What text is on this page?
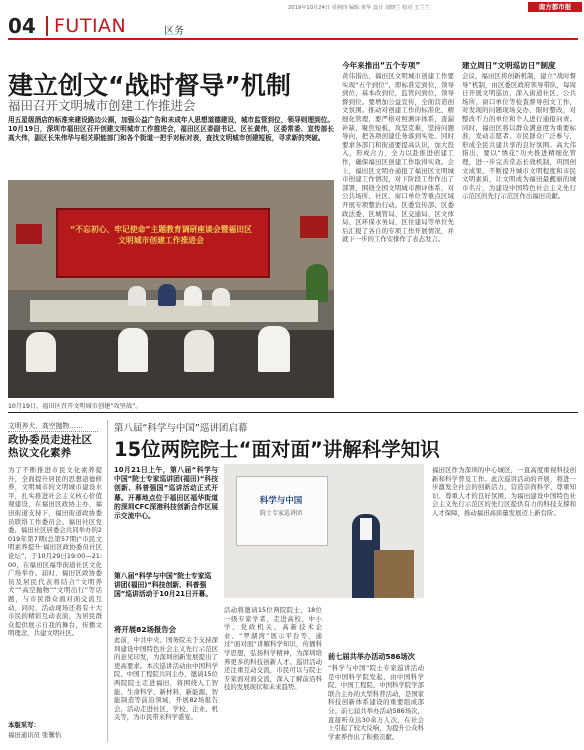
2019年10月24日 星期四 编辑 黄华 设计 刘晓兰 校对 王兰兰	南方都市报
04 FUTIAN	区务
建立创文“战时督导”机制
福田召开文明城市创建工作推进会
用五星级酒店的标准来建设路边公厕，加强公益广告和未成年人思想道德建设，城市监管到位，领导则理到位。10月19日，深圳市福田区召开创建文明城市工作推进会，福田区区委副书记、区长黄伟，区委常委、宣传部长高大伟，副区长朱伟华与相关职能部门和各个街道一把手对标对表，查找文明城市创建短板，寻求新的突破。
“不忘初心、牢记使命”主题教育调研座谈会暨福田区文明城市创建工作推进会
10月19日，福田区召开文明城市创建“攻坚战”。
今年来推出“五个专项”
黄伟指出，福田区文明城市创建工作要实现“五个到位”，即标准定到位，领导到位，基本改到位，监管问到位，领导督到位。要增加公益宣传，全面营造创文氛围。推动对创建工作的标准化、精细化管理，要严格对照测评体系，查漏补缺，聚焦短板，攻坚克难，坚持问题导向，把各项创建任务落到实处。同时要求各部门和街道要提高认识，加大投入，形成合力，全力以赴推进创建工作，确保福田区创建工作取得实效。会上，福田区文明办通报了福田区文明城市创建工作情况，对下阶段工作作出了部署，围绕全国文明城市测评体系，对公共场所、社区、窗口单位等重点区域开展专项整治行动。区委宣传部、区委政法委、区城管局、区交通局、区文体局、区环保水务局、区住建局等单位先后汇报了各自的专项工作开展情况，并就下一步的工作安排作了表态发言。
建立周日“文明巡访日”制度
会议，福田区将创新机制，建立“战时督导”机制，由区委区政府领导带队，每周日开展文明巡访，深入街道社区、公共场所、窗口单位等检查督导创文工作，对发现的问题现场交办、限时整改，对整改不力的单位和个人进行通报问责。同时，福田区将以群众满意度为重要标准，发动志愿者、市民群众广泛参与，形成全民共建共享的良好氛围。高大伟指出，要以“绣花”功夫推进精细化管理，进一步完善常态长效机制，巩固创文成果，不断提升城市文明程度和市民文明素质，让文明成为福田最靓丽的城市名片，为建设中国特色社会主义先行示范区的先行示范区作出福田贡献。
文明养犬、高空抛物……
政协委员走进社区热议文化素养
为了不断推进市民文化素养提升，全面提升居民的思想道德修养，文明城市的文明城市建设水平，扎实推进社会主义核心价值观建设，在福田区政协主办，福田街道支持下，福田街道政协委员联络工作委员会、福田社区党委、福田社区居委会共同举办的2019年第7期(总第57期)“市民文明素养提升·福田区政协委员社区论坛”，于10月29日19:00—21:00，在福田区福华街道社区文化广场举办。届时，福田区政协委员及居民代表将结合“文明养犬”“高空抛物”“文明出行”等话题，与市民群众面对面交流互动，同时，活动现场还将有十大市民的精彩互动表演，为居民群众提供展示自我的舞台，传播文明理念，共建文明社区。
本版采写：
福田通讯员 张馨怡
第八届“科学与中国”巡讲团启幕
15位两院院士“面对面”讲解科学知识
10月21日上午，第八届“科学与中国”院士专家巡讲团(福田)“科技创新、科普强国”巡讲活动正式开幕。开幕地点位于福田区福华街道的深圳CFC深港科技创新合作区展示交流中心。
科学与中国
院士专家巡讲团
第八届“科学与中国”院士专家巡讲团(福田)“科技创新、科普强国”巡讲活动于10月21日开幕。
将开展82场报告会
此前，中共中央、国务院关于支持深圳建设中国特色社会主义先行示范区的意见印发，为深圳创新发展提出了更高要求。本次巡讲活动由中国科学院、中国工程院共同主办，邀请15位两院院士走进福田，将围绕人工智能、生命科学、新材料、新能源、智能制造等前沿领域，开展82场报告会，活动走进社区、学校、企业、机关等，为市民带来科学盛宴。
活动将邀请15位两院院士，18位一级专家学者，走进高校、中小学、党政机关、高新技术企业、“罗湖湾”展示平台等，通过“面对面”讲解科学知识，传播科学思想，弘扬科学精神，为深圳培养更多的科技创新人才。巡讲活动还注重互动交流，市民可以与院士专家面对面交流，深入了解前沿科技的发展现状和未来趋势。
前七届共举办活动586场次
“科学与中国”院士专家巡讲活动是中国科学院发起，由中国科学院、中国工程院、中国科学院学部联合主办的大型科普活动，是国家科技创新体系建设的重要组成部分。前七届共举办活动586场次，直接听众达30余万人次，在社会上引起了较大反响，为提升公众科学素养作出了积极贡献。
福田区作为深圳的中心城区，一直高度重视科技创新和科学普及工作。此次巡讲活动的开展，将进一步激发全社会的创新活力，营造崇尚科学、尊重知识、尊重人才的良好氛围，为福田建设中国特色社会主义先行示范区的先行区提供有力的科技支撑和人才保障，推动福田高质量发展迈上新台阶。
